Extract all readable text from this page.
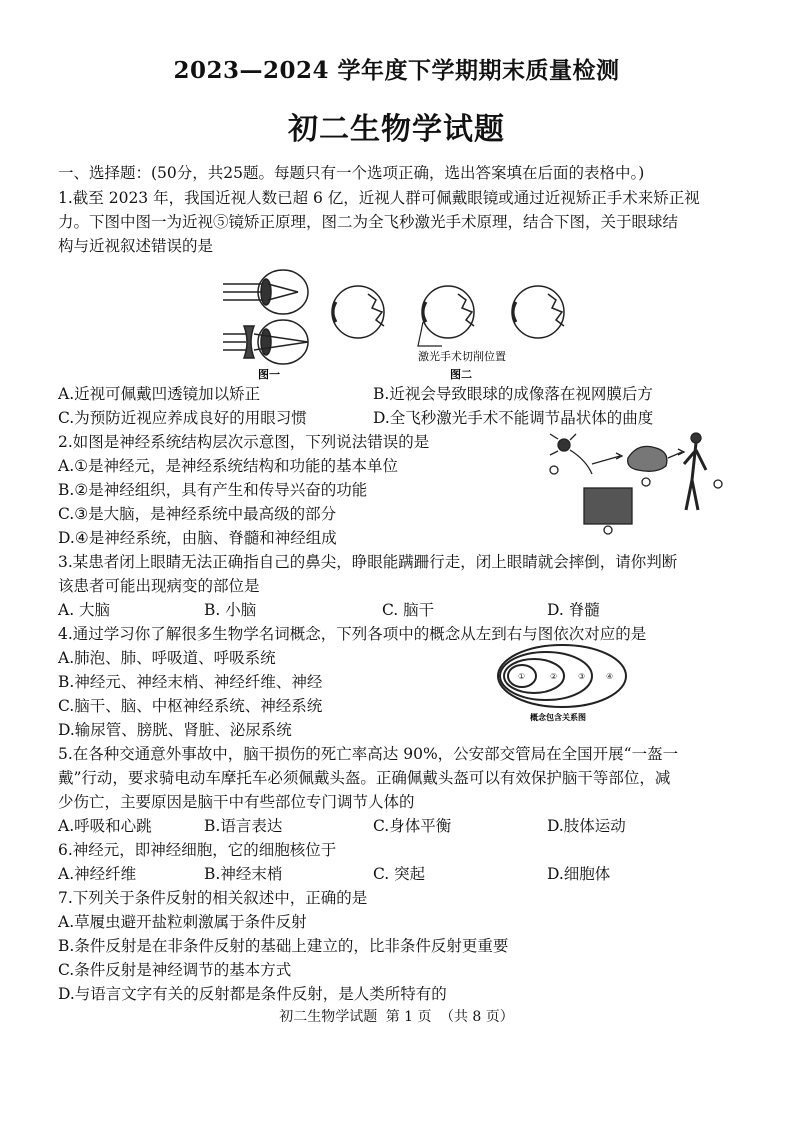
2023—2024 学年度下学期期末质量检测
初二生物学试题
一、选择题：(50分，共25题。每题只有一个选项正确，选出答案填在后面的表格中。)
1.截至 2023 年，我国近视人数已超 6 亿，近视人群可佩戴眼镜或通过近视矫正手术来矫正视
力。下图中图一为近视⑤镜矫正原理，图二为全飞秒激光手术原理，结合下图，关于眼球结
构与近视叙述错误的是
图一
激光手术切削位置
图二
A.近视可佩戴凹透镜加以矫正	B.近视会导致眼球的成像落在视网膜后方
C.为预防近视应养成良好的用眼习惯	D.全飞秒激光手术不能调节晶状体的曲度
2.如图是神经系统结构层次示意图，下列说法错误的是
A.①是神经元，是神经系统结构和功能的基本单位
B.②是神经组织，具有产生和传导兴奋的功能
C.③是大脑，是神经系统中最高级的部分
D.④是神经系统，由脑、脊髓和神经组成
3.某患者闭上眼睛无法正确指自己的鼻尖，睁眼能蹒跚行走，闭上眼睛就会摔倒，请你判断
该患者可能出现病变的部位是
A. 大脑	B. 小脑	C. 脑干	D. 脊髓
4.通过学习你了解很多生物学名词概念，下列各项中的概念从左到右与图依次对应的是
A.肺泡、肺、呼吸道、呼吸系统
B.神经元、神经末梢、神经纤维、神经
C.脑干、脑、中枢神经系统、神经系统
D.输尿管、膀胱、肾脏、泌尿系统
①	②	③	④
概念包含关系图
5.在各种交通意外事故中，脑干损伤的死亡率高达 90%，公安部交管局在全国开展“一盔一
戴”行动，要求骑电动车摩托车必须佩戴头盔。正确佩戴头盔可以有效保护脑干等部位，减
少伤亡，主要原因是脑干中有些部位专门调节人体的
A.呼吸和心跳	B.语言表达	C.身体平衡	D.肢体运动
6.神经元，即神经细胞，它的细胞核位于
A.神经纤维	B.神经末梢	C. 突起	D.细胞体
7.下列关于条件反射的相关叙述中，正确的是
A.草履虫避开盐粒刺激属于条件反射
B.条件反射是在非条件反射的基础上建立的，比非条件反射更重要
C.条件反射是神经调节的基本方式
D.与语言文字有关的反射都是条件反射，是人类所特有的
初二生物学试题 第 1 页 （共 8 页）
